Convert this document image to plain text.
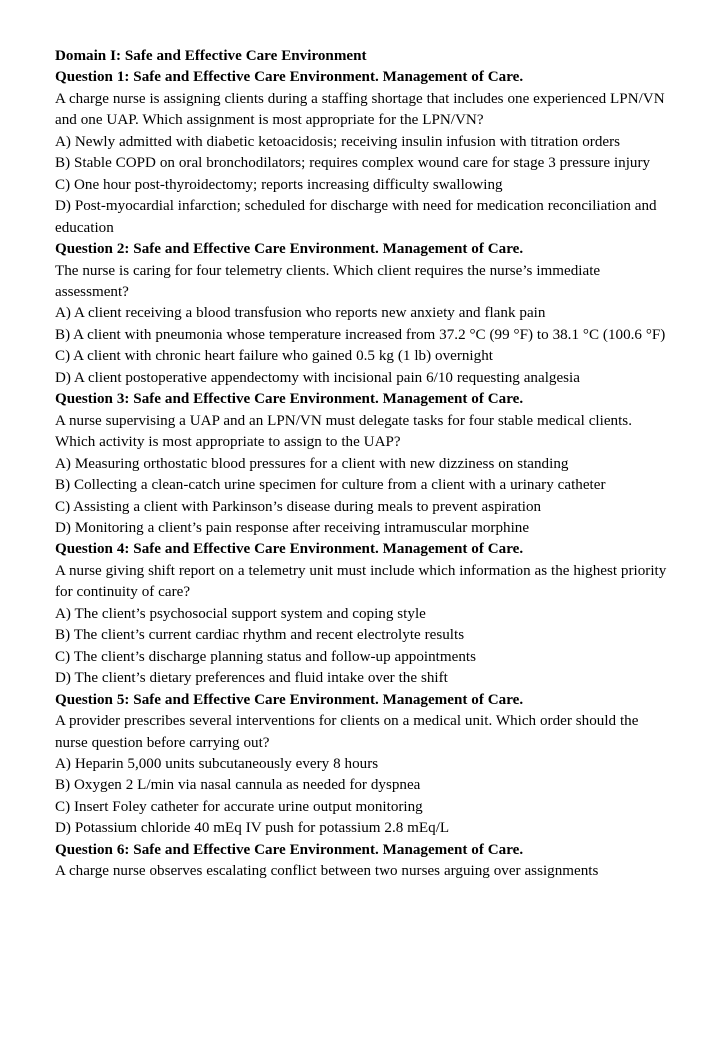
Domain I: Safe and Effective Care Environment
Question 1: Safe and Effective Care Environment. Management of Care.
A charge nurse is assigning clients during a staffing shortage that includes one experienced LPN/VN and one UAP. Which assignment is most appropriate for the LPN/VN?
A) Newly admitted with diabetic ketoacidosis; receiving insulin infusion with titration orders
B) Stable COPD on oral bronchodilators; requires complex wound care for stage 3 pressure injury
C) One hour post-thyroidectomy; reports increasing difficulty swallowing
D) Post-myocardial infarction; scheduled for discharge with need for medication reconciliation and education
Question 2: Safe and Effective Care Environment. Management of Care.
The nurse is caring for four telemetry clients. Which client requires the nurse’s immediate assessment?
A) A client receiving a blood transfusion who reports new anxiety and flank pain
B) A client with pneumonia whose temperature increased from 37.2 °C (99 °F) to 38.1 °C (100.6 °F)
C) A client with chronic heart failure who gained 0.5 kg (1 lb) overnight
D) A client postoperative appendectomy with incisional pain 6/10 requesting analgesia
Question 3: Safe and Effective Care Environment. Management of Care.
A nurse supervising a UAP and an LPN/VN must delegate tasks for four stable medical clients. Which activity is most appropriate to assign to the UAP?
A) Measuring orthostatic blood pressures for a client with new dizziness on standing
B) Collecting a clean-catch urine specimen for culture from a client with a urinary catheter
C) Assisting a client with Parkinson’s disease during meals to prevent aspiration
D) Monitoring a client’s pain response after receiving intramuscular morphine
Question 4: Safe and Effective Care Environment. Management of Care.
A nurse giving shift report on a telemetry unit must include which information as the highest priority for continuity of care?
A) The client’s psychosocial support system and coping style
B) The client’s current cardiac rhythm and recent electrolyte results
C) The client’s discharge planning status and follow-up appointments
D) The client’s dietary preferences and fluid intake over the shift
Question 5: Safe and Effective Care Environment. Management of Care.
A provider prescribes several interventions for clients on a medical unit. Which order should the nurse question before carrying out?
A) Heparin 5,000 units subcutaneously every 8 hours
B) Oxygen 2 L/min via nasal cannula as needed for dyspnea
C) Insert Foley catheter for accurate urine output monitoring
D) Potassium chloride 40 mEq IV push for potassium 2.8 mEq/L
Question 6: Safe and Effective Care Environment. Management of Care.
A charge nurse observes escalating conflict between two nurses arguing over assignments
